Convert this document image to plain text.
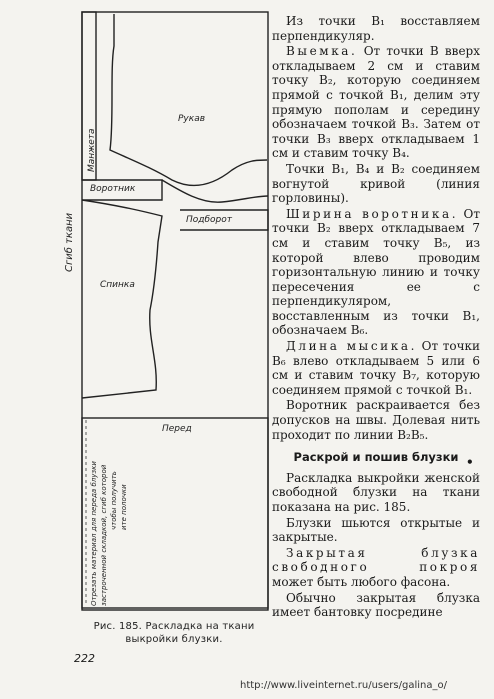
Рукав
Манжета
Воротник
Подборот
Спинка
Перед
Сгиб ткани
Отрезать материал для переда блузки застроченной складкой, сгиб которой чтобы получить ите полочки
Рис. 185. Раскладка на ткани
выкройки блузки.
222

Из точки B₁ восставляем перпендикуляр.

Выемка. От точки B вверх откладываем 2 см и ставим точку B₂, которую соединяем прямой с точкой B₁, делим эту прямую пополам и середину обозначаем точкой B₃. Затем от точки B₃ вверх откладываем 1 см и ставим точку B₄.

Точки B₁, B₄ и B₂ соединяем вогнутой кривой (линия горловины).

Ширина воротника. От точки B₂ вверх откладываем 7 см и ставим точку B₅, из которой влево проводим горизонтальную линию и точку пересечения ее с перпендикуляром, восставленным из точки B₁, обозначаем B₆.

Длина мысика. От точки B₆ влево откладываем 5 или 6 см и ставим точку B₇, которую соединяем прямой с точкой B₁.

Воротник раскраивается без допусков на швы. Долевая нить проходит по линии B₂B₅.

Раскрой и пошив блузки

Раскладка выкройки женской свободной блузки на ткани показана на рис. 185.

Блузки шьются открытые и закрытые.

Закрытая блузка свободного покроя может быть любого фасона.

Обычно закрытая блузка имеет бантовку посредине

•
http://www.liveinternet.ru/users/galina_o/
